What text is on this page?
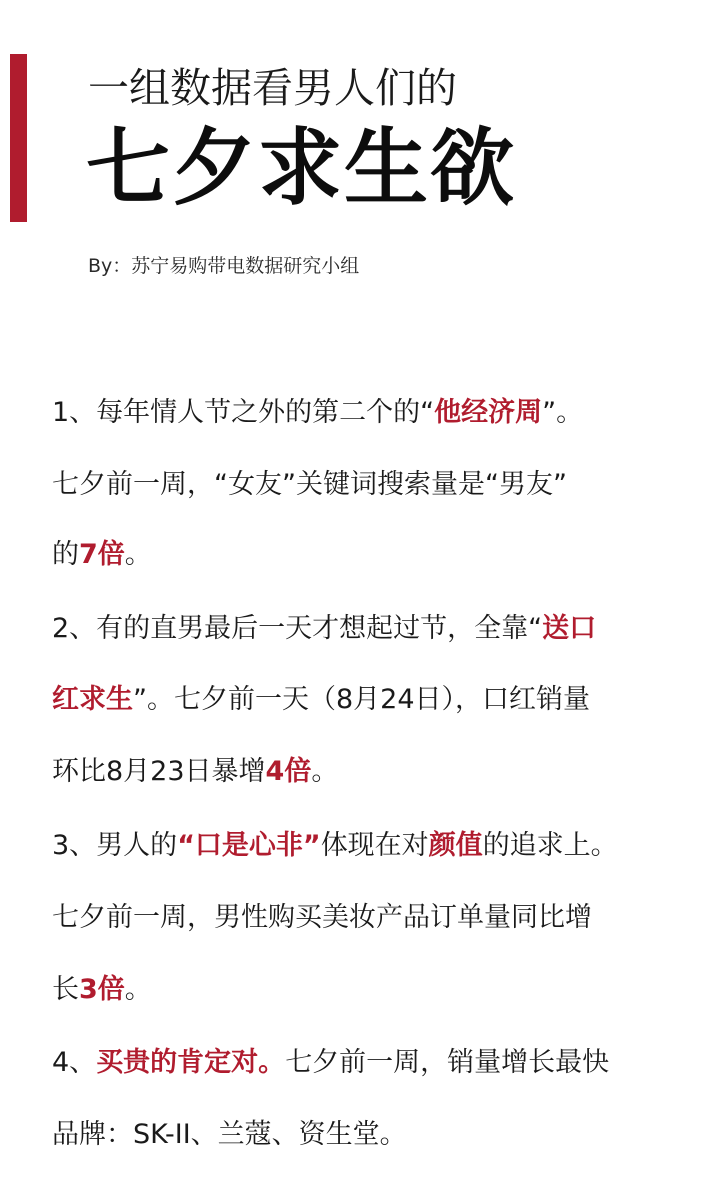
一组数据看男人们的
七夕求生欲
By：苏宁易购带电数据研究小组
1、每年情人节之外的第二个的“他经济周”。
七夕前一周，“女友”关键词搜索量是“男友”
的7倍。
2、有的直男最后一天才想起过节，全靠“送口
红求生”。七夕前一天（8月24日），口红销量
环比8月23日暴增4倍。
3、男人的“口是心非”体现在对颜值的追求上。
七夕前一周，男性购买美妆产品订单量同比增
长3倍。
4、买贵的肯定对。七夕前一周，销量增长最快
品牌：SK-II、兰蔻、资生堂。
